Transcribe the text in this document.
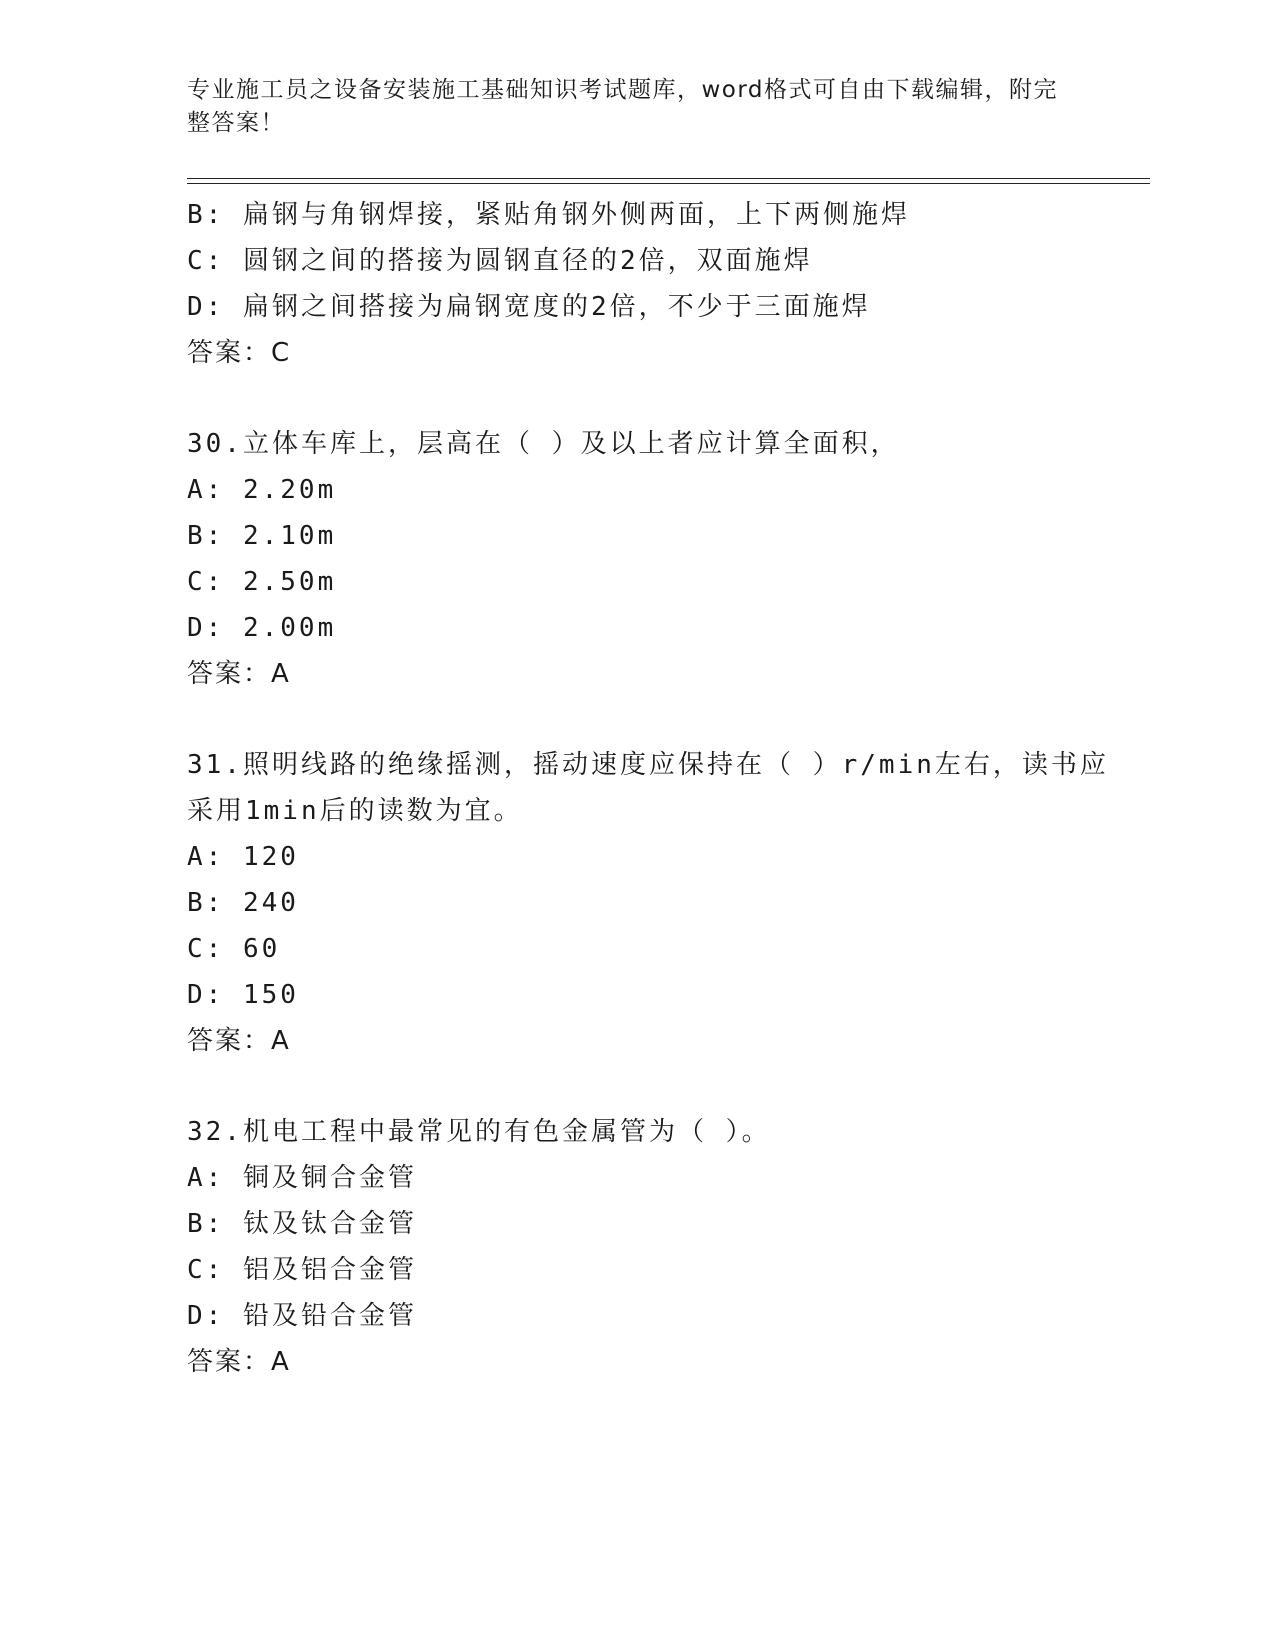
专业施工员之设备安装施工基础知识考试题库，word格式可自由下载编辑，附完整答案！
B: 扁钢与角钢焊接，紧贴角钢外侧两面，上下两侧施焊
C: 圆钢之间的搭接为圆钢直径的2倍，双面施焊
D: 扁钢之间搭接为扁钢宽度的2倍，不少于三面施焊
答案：C
30.立体车库上，层高在（ ）及以上者应计算全面积，
A: 2.20m
B: 2.10m
C: 2.50m
D: 2.00m
答案：A
31.照明线路的绝缘摇测，摇动速度应保持在（ ）r/min左右，读书应
采用1min后的读数为宜。
A: 120
B: 240
C: 60
D: 150
答案：A
32.机电工程中最常见的有色金属管为（ ）。
A: 铜及铜合金管
B: 钛及钛合金管
C: 铝及铝合金管
D: 铅及铅合金管
答案：A
